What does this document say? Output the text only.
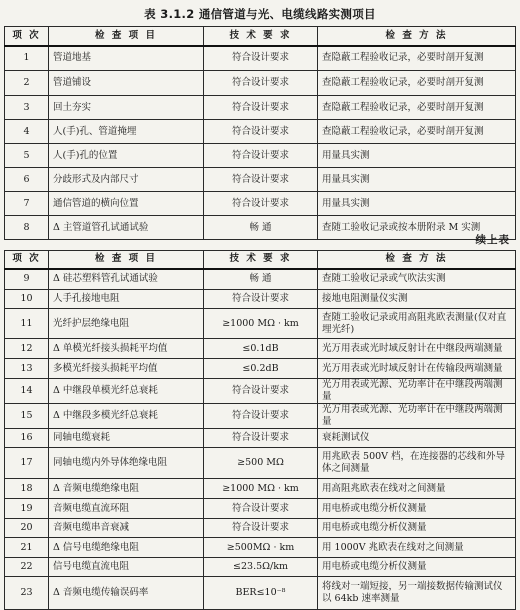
表 3.1.2 通信管道与光、电缆线路实测项目
项 次	检 查 项 目	技 术 要 求	检 查 方 法
1	管道地基	符合设计要求	查隐蔽工程验收记录，必要时剖开复测
2	管道铺设	符合设计要求	查隐蔽工程验收记录，必要时剖开复测
3	回土夯实	符合设计要求	查隐蔽工程验收记录，必要时剖开复测
4	人(手)孔、管道掩埋	符合设计要求	查隐蔽工程验收记录，必要时剖开复测
5	人(手)孔的位置	符合设计要求	用量具实测
6	分歧形式及内部尺寸	符合设计要求	用量具实测
7	通信管道的横向位置	符合设计要求	用量具实测
8	Δ 主管道管孔试通试验	畅 通	查随工验收记录或按本册附录 M 实测
续上表
项 次	检 查 项 目	技 术 要 求	检 查 方 法
9	Δ 硅芯塑料管孔试通试验	畅 通	查随工验收记录或气吹法实测
10	人手孔接地电阻	符合设计要求	接地电阻测量仪实测
11	光纤护层绝缘电阻	≥1000 MΩ · km	查随工验收记录或用高阻兆欧表测量(仅对直埋光纤)
12	Δ 单模光纤接头损耗平均值	≤0.1dB	光万用表或光时域反射计在中继段两端测量
13	多模光纤接头损耗平均值	≤0.2dB	光万用表或光时域反射计在传输段两端测量
14	Δ 中继段单模光纤总衰耗	符合设计要求	光万用表或光源、光功率计在中继段两端测量
15	Δ 中继段多模光纤总衰耗	符合设计要求	光万用表或光源、光功率计在中继段两端测量
16	同轴电缆衰耗	符合设计要求	衰耗测试仪
17	同轴电缆内外导体绝缘电阻	≥500 MΩ	用兆欧表 500V 档，在连接器的芯线和外导体之间测量
18	Δ 音频电缆绝缘电阻	≥1000 MΩ · km	用高阻兆欧表在线对之间测量
19	音频电缆直流环阻	符合设计要求	用电桥或电缆分析仪测量
20	音频电缆串音衰减	符合设计要求	用电桥或电缆分析仪测量
21	Δ 信号电缆绝缘电阻	≥500MΩ · km	用 1000V 兆欧表在线对之间测量
22	信号电缆直流电阻	≤23.5Ω/km	用电桥或电缆分析仪测量
23	Δ 音频电缆传输误码率	BER≤10⁻⁸	将线对一端短接，另一端接数据传输测试仪以 64kb 速率测量
